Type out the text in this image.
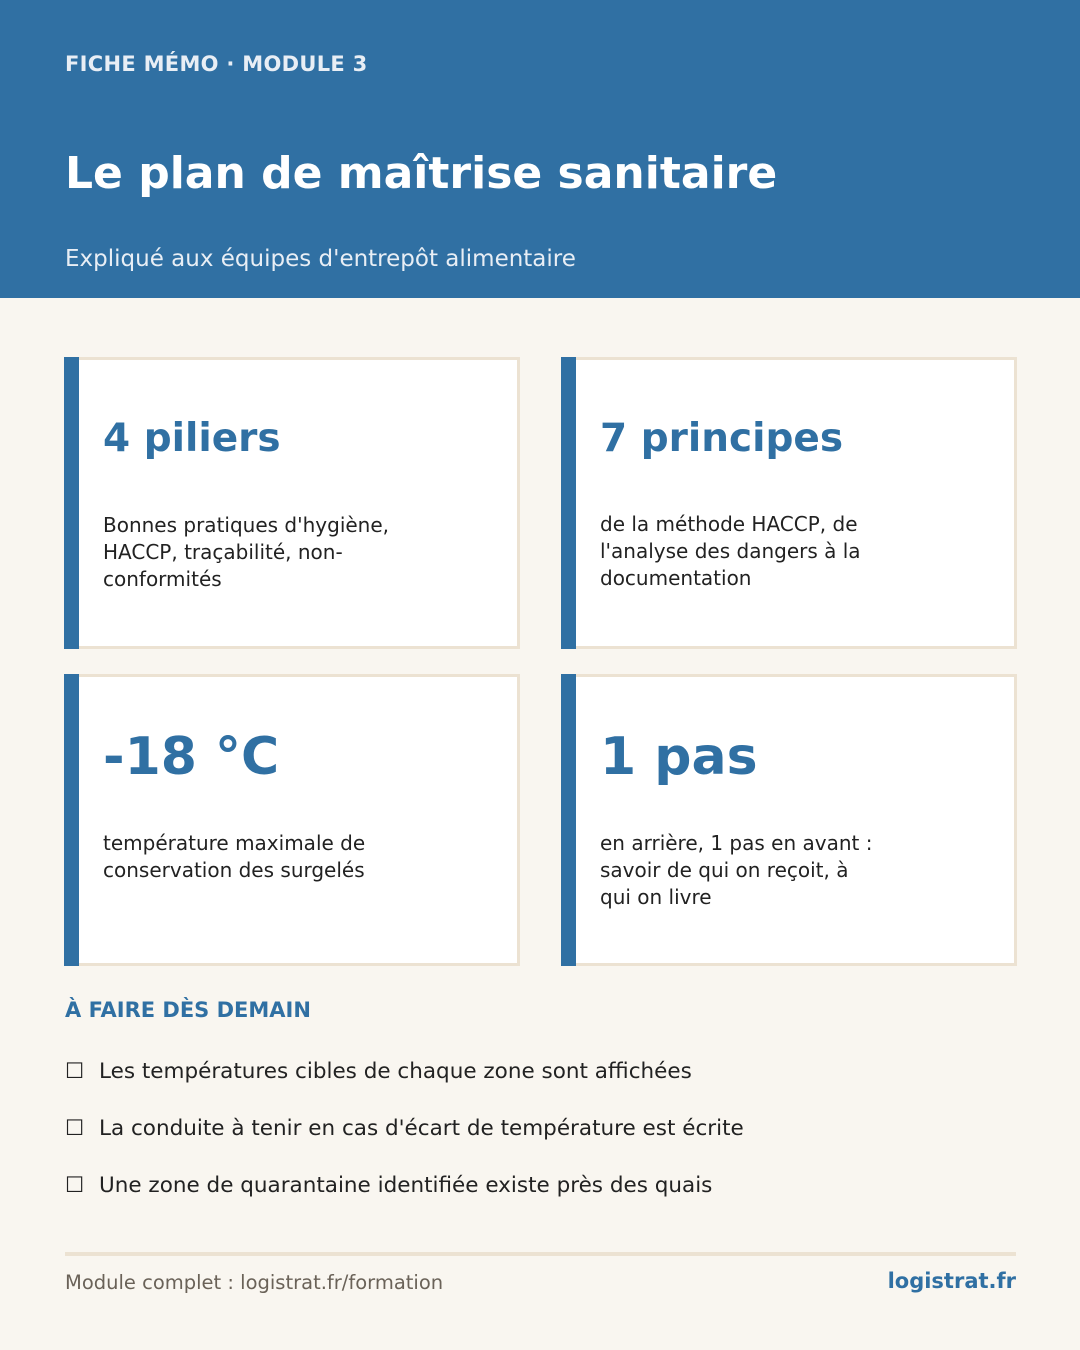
FICHE MÉMO · MODULE 3
Le plan de maîtrise sanitaire
Expliqué aux équipes d'entrepôt alimentaire
4 piliers
Bonnes pratiques d'hygiène, HACCP, traçabilité, non-conformités
7 principes
de la méthode HACCP, de l'analyse des dangers à la documentation
-18 °C
température maximale de conservation des surgelés
1 pas
en arrière, 1 pas en avant : savoir de qui on reçoit, à qui on livre
À FAIRE DÈS DEMAIN
☐ Les températures cibles de chaque zone sont affichées
☐ La conduite à tenir en cas d'écart de température est écrite
☐ Une zone de quarantaine identifiée existe près des quais
Module complet : logistrat.fr/formation	logistrat.fr
